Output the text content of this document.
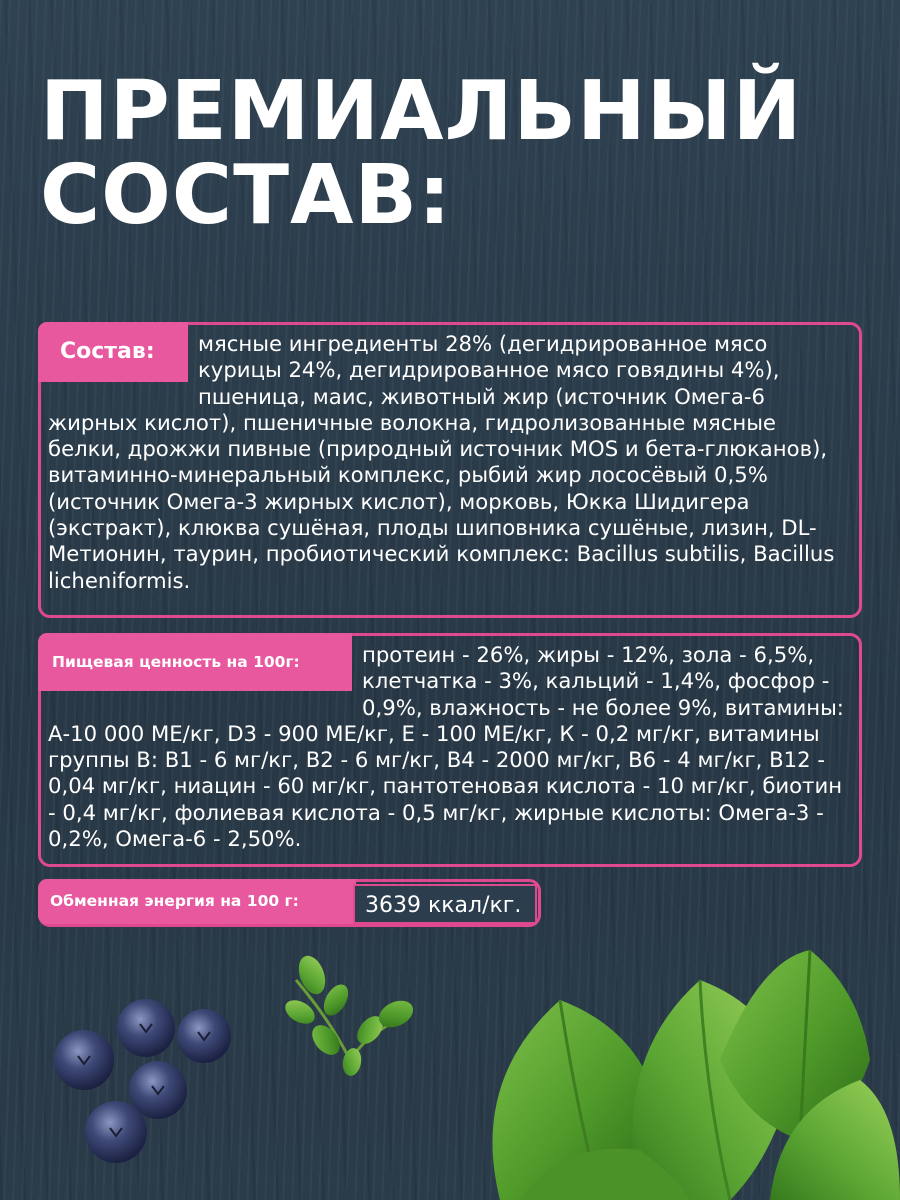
ПРЕМИАЛЬНЫЙ
СОСТАВ:
Состав:	мясные ингредиенты 28% (дегидрированное мясо курицы 24%, дегидрированное мясо говядины 4%), пшеница, маис, животный жир (источник Омега-6 жирных кислот), пшеничные волокна, гидролизованные мясные белки, дрожжи пивные (природный источник MOS и бета-глюканов), витаминно-минеральный комплекс, рыбий жир лососёвый 0,5% (источник Омега-3 жирных кислот), морковь, Юкка Шидигера (экстракт), клюква сушёная, плоды шиповника сушёные, лизин, DL-Метионин, таурин, пробиотический комплекс: Bacillus subtilis, Bacillus licheniformis.
Пищевая ценность на 100г:	протеин - 26%, жиры - 12%, зола - 6,5%, клетчатка - 3%, кальций - 1,4%, фосфор - 0,9%, влажность - не более 9%, витамины: А-10 000 МЕ/кг, D3 - 900 МЕ/кг, Е - 100 МЕ/кг, К - 0,2 мг/кг, витамины группы В: В1 - 6 мг/кг, В2 - 6 мг/кг, В4 - 2000 мг/кг, В6 - 4 мг/кг, В12 - 0,04 мг/кг, ниацин - 60 мг/кг, пантотеновая кислота - 10 мг/кг, биотин - 0,4 мг/кг, фолиевая кислота - 0,5 мг/кг, жирные кислоты: Омега-3 - 0,2%, Омега-6 - 2,50%.
Обменная энергия на 100 г:	3639 ккал/кг.
